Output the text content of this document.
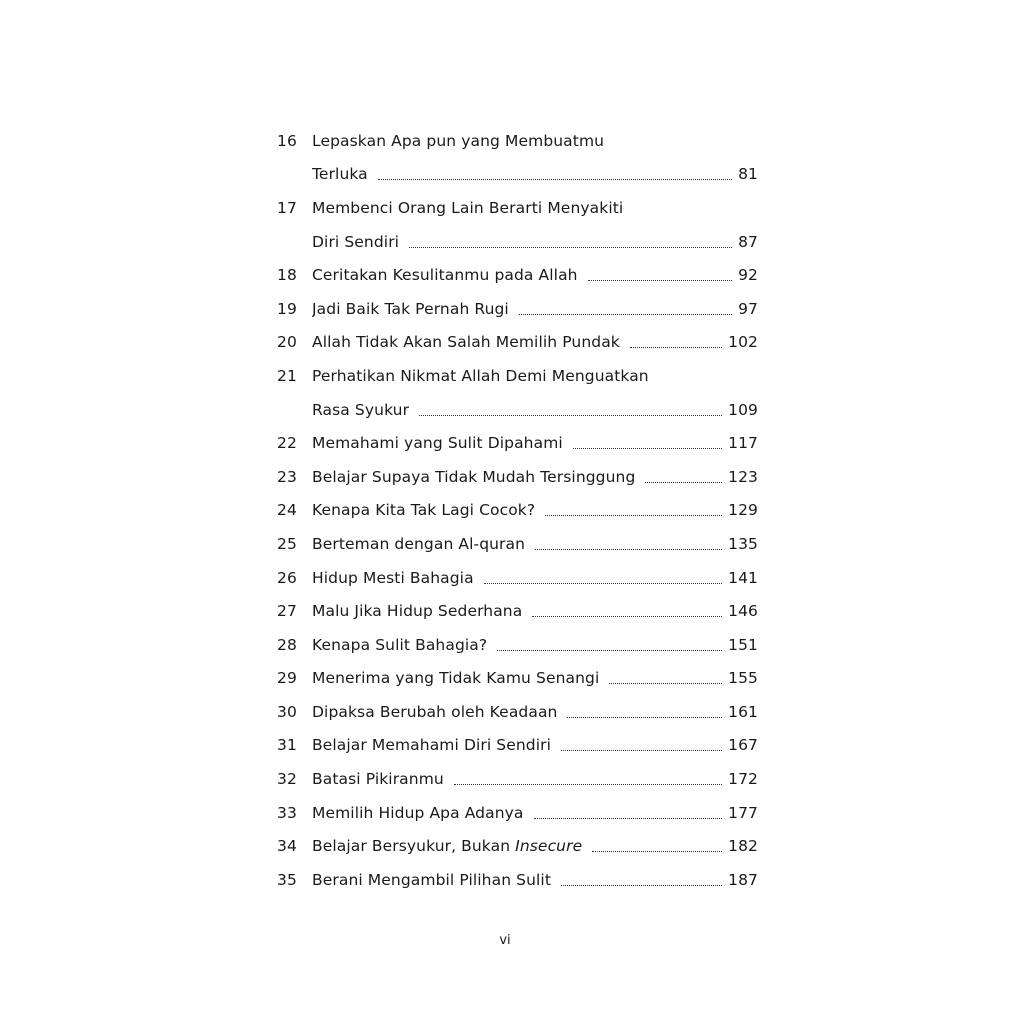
16 Lepaskan Apa pun yang Membuatmu
Terluka	81
17 Membenci Orang Lain Berarti Menyakiti
Diri Sendiri	87
18 Ceritakan Kesulitanmu pada Allah	92
19 Jadi Baik Tak Pernah Rugi	97
20 Allah Tidak Akan Salah Memilih Pundak	102
21 Perhatikan Nikmat Allah Demi Menguatkan
Rasa Syukur	109
22 Memahami yang Sulit Dipahami	117
23 Belajar Supaya Tidak Mudah Tersinggung	123
24 Kenapa Kita Tak Lagi Cocok?	129
25 Berteman dengan Al-quran	135
26 Hidup Mesti Bahagia	141
27 Malu Jika Hidup Sederhana	146
28 Kenapa Sulit Bahagia?	151
29 Menerima yang Tidak Kamu Senangi	155
30 Dipaksa Berubah oleh Keadaan	161
31 Belajar Memahami Diri Sendiri	167
32 Batasi Pikiranmu	172
33 Memilih Hidup Apa Adanya	177
34 Belajar Bersyukur, Bukan Insecure	182
35 Berani Mengambil Pilihan Sulit	187
vi
